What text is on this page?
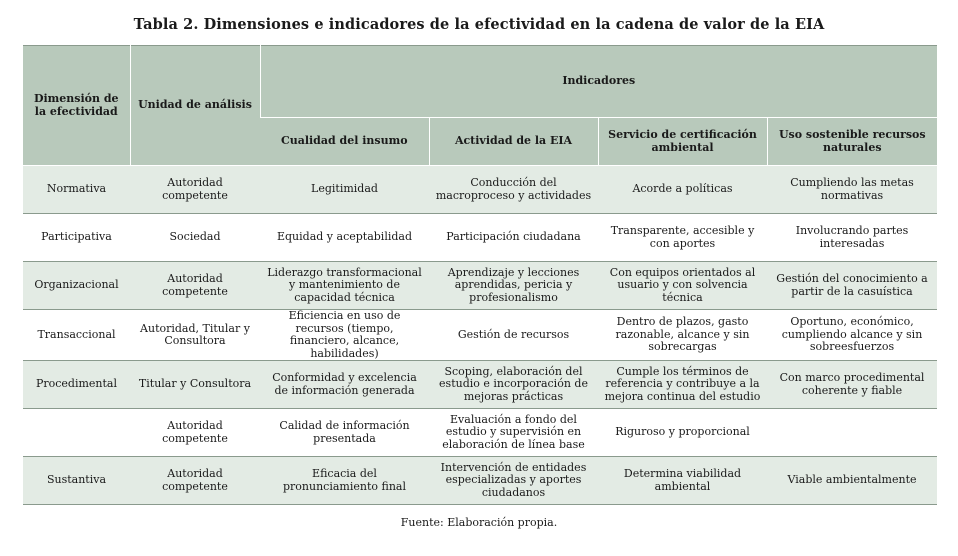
Tabla 2. Dimensiones e indicadores de la efectividad en la cadena de valor de la EIA
Dimensión de la efectividad	Unidad de análisis	Indicadores			
		Cualidad del insumo	Actividad de la EIA	Servicio de certificación ambiental	Uso sostenible recursos naturales
Normativa	Autoridad competente	Legitimidad	Conducción del macroproceso y actividades	Acorde a políticas	Cumpliendo las metas normativas
Participativa	Sociedad	Equidad y aceptabilidad	Participación ciudadana	Transparente, accesible y con aportes	Involucrando partes interesadas
Organizacional	Autoridad competente	Liderazgo transformacional y mantenimiento de capacidad técnica	Aprendizaje y lecciones aprendidas, pericia y profesionalismo	Con equipos orientados al usuario y con solvencia técnica	Gestión del conocimiento a partir de la casuística
Transaccional	Autoridad, Titular y Consultora	Eficiencia en uso de recursos (tiempo, financiero, alcance, habilidades)	Gestión de recursos	Dentro de plazos, gasto razonable, alcance y sin sobrecargas	Oportuno, económico, cumpliendo alcance y sin sobreesfuerzos
Procedimental	Titular y Consultora	Conformidad y excelencia de información generada	Scoping, elaboración del estudio e incorporación de mejoras prácticas	Cumple los términos de referencia y contribuye a la mejora continua del estudio	Con marco procedimental coherente y fiable
	Autoridad competente	Calidad de información presentada	Evaluación a fondo del estudio y supervisión en elaboración de línea base	Riguroso y proporcional	
Sustantiva	Autoridad competente	Eficacia del pronunciamiento final	Intervención de entidades especializadas y aportes ciudadanos	Determina viabilidad ambiental	Viable ambientalmente
Fuente: Elaboración propia.
